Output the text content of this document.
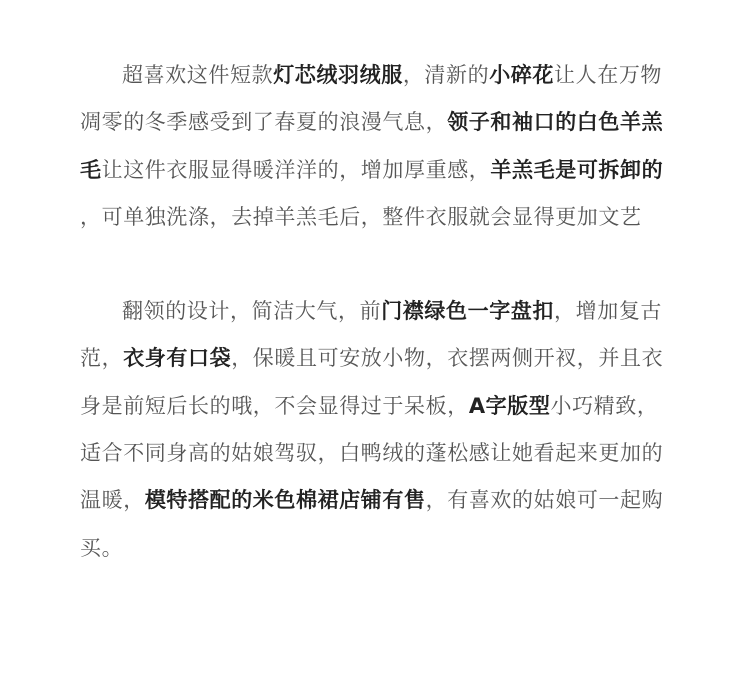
超喜欢这件短款灯芯绒羽绒服，清新的小碎花让人在万物凋零的冬季感受到了春夏的浪漫气息，领子和袖口的白色羊羔毛让这件衣服显得暖洋洋的，增加厚重感，羊羔毛是可拆卸的，可单独洗涤，去掉羊羔毛后，整件衣服就会显得更加文艺

翻领的设计，简洁大气，前门襟绿色一字盘扣，增加复古范，衣身有口袋，保暖且可安放小物，衣摆两侧开衩，并且衣身是前短后长的哦，不会显得过于呆板，A字版型小巧精致，适合不同身高的姑娘驾驭，白鸭绒的蓬松感让她看起来更加的温暖，模特搭配的米色棉裙店铺有售，有喜欢的姑娘可一起购买。
